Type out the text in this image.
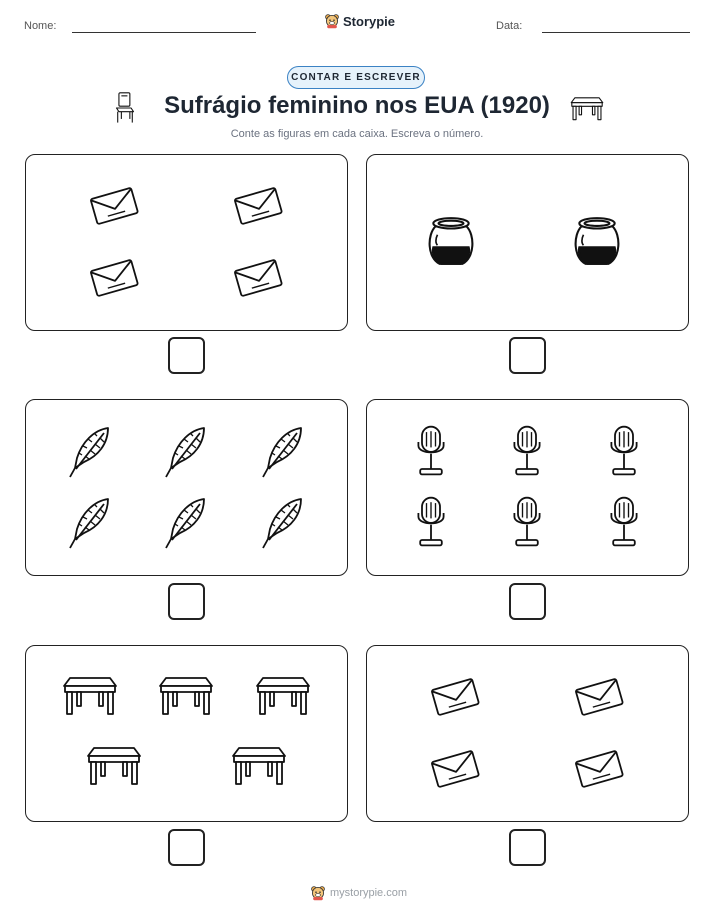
Nome:	Storypie	Data:
CONTAR E ESCREVER
Sufrágio feminino nos EUA (1920)
Conte as figuras em cada caixa. Escreva o número.
mystorypie.com
